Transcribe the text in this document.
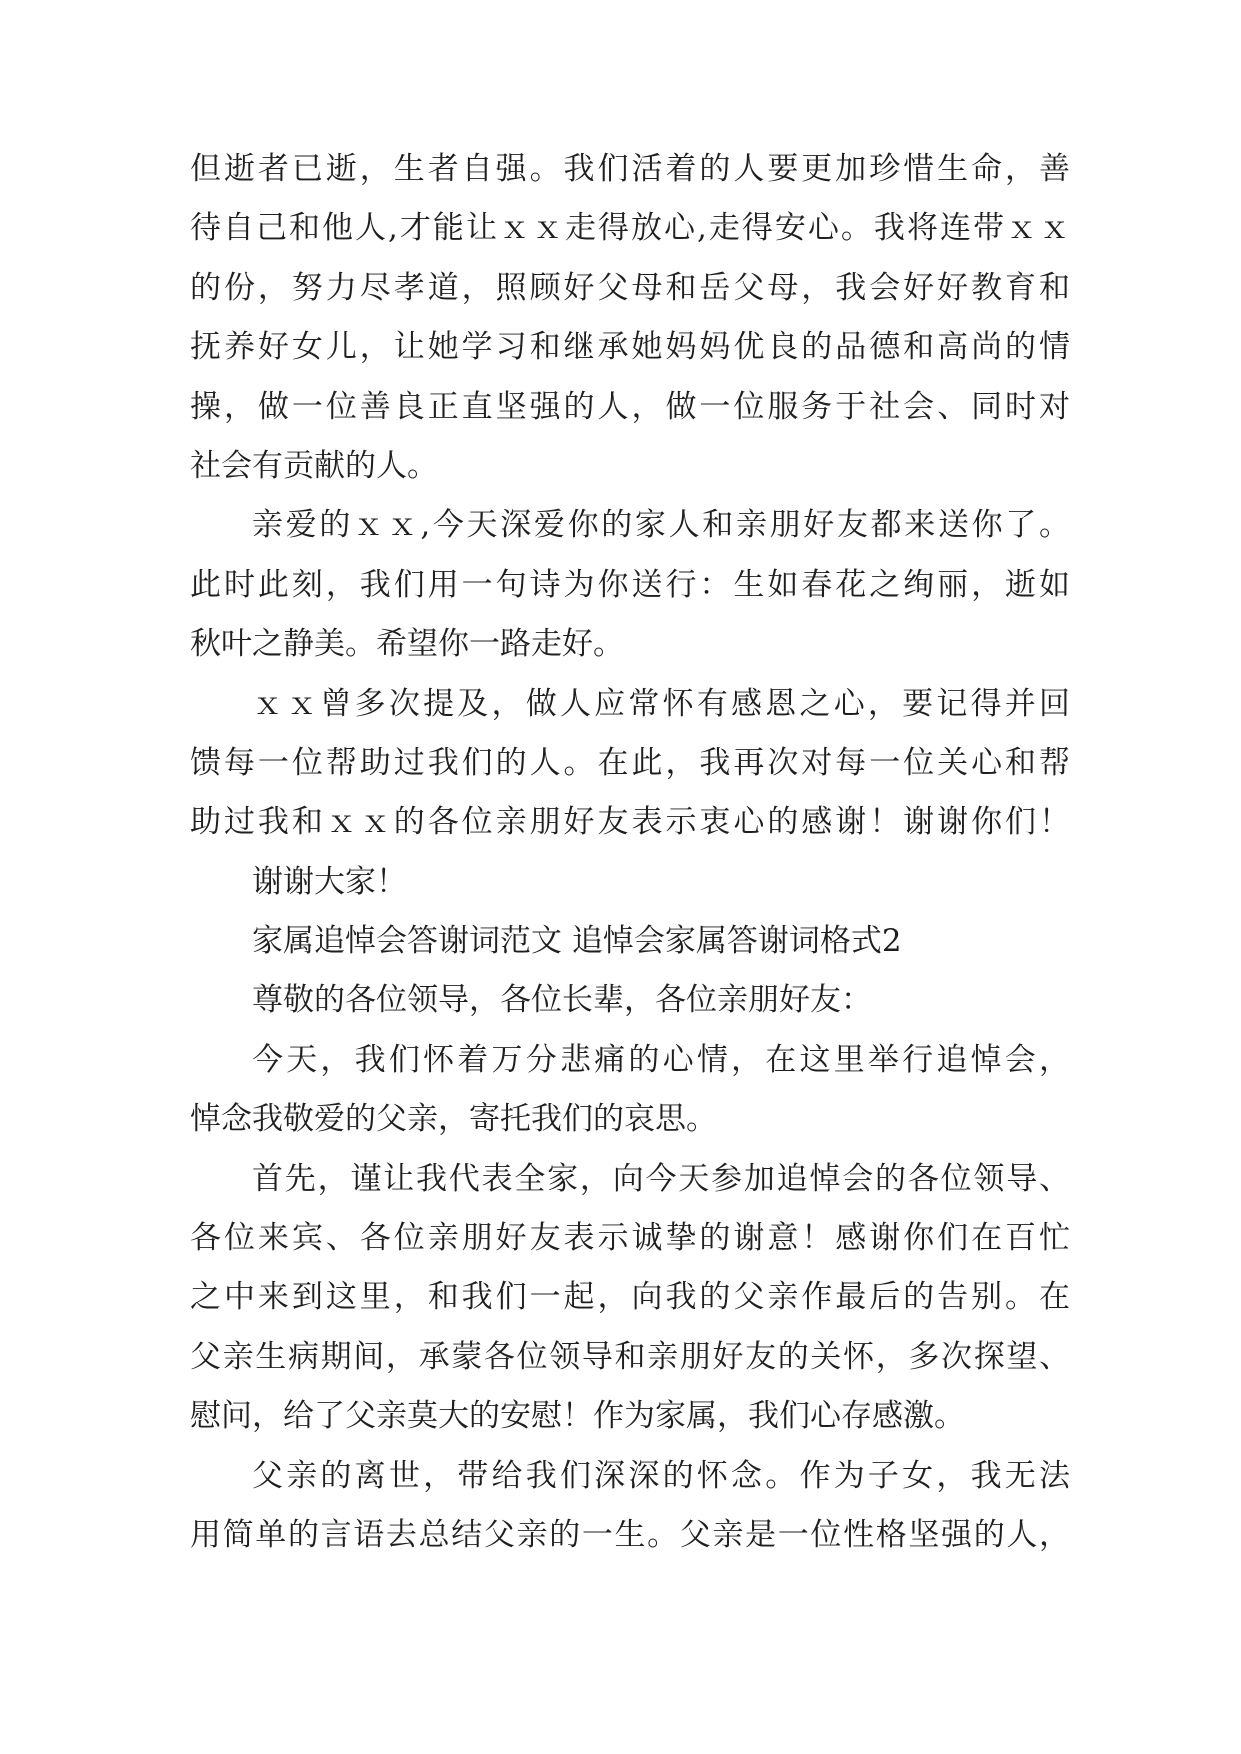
但逝者已逝，生者自强。我们活着的人要更加珍惜生命，善
待自己和他人,才能让ｘｘ走得放心,走得安心。我将连带ｘｘ
的份，努力尽孝道，照顾好父母和岳父母，我会好好教育和
抚养好女儿，让她学习和继承她妈妈优良的品德和高尚的情
操，做一位善良正直坚强的人，做一位服务于社会、同时对
社会有贡献的人。
亲爱的ｘｘ,今天深爱你的家人和亲朋好友都来送你了。
此时此刻，我们用一句诗为你送行：生如春花之绚丽，逝如
秋叶之静美。希望你一路走好。
ｘｘ曾多次提及，做人应常怀有感恩之心，要记得并回
馈每一位帮助过我们的人。在此，我再次对每一位关心和帮
助过我和ｘｘ的各位亲朋好友表示衷心的感谢！谢谢你们！
谢谢大家！
家属追悼会答谢词范文 追悼会家属答谢词格式2
尊敬的各位领导，各位长辈，各位亲朋好友：
今天，我们怀着万分悲痛的心情，在这里举行追悼会，
悼念我敬爱的父亲，寄托我们的哀思。
首先，谨让我代表全家，向今天参加追悼会的各位领导、
各位来宾、各位亲朋好友表示诚挚的谢意！感谢你们在百忙
之中来到这里，和我们一起，向我的父亲作最后的告别。在
父亲生病期间，承蒙各位领导和亲朋好友的关怀，多次探望、
慰问，给了父亲莫大的安慰！作为家属，我们心存感激。
父亲的离世，带给我们深深的怀念。作为子女，我无法
用简单的言语去总结父亲的一生。父亲是一位性格坚强的人，
